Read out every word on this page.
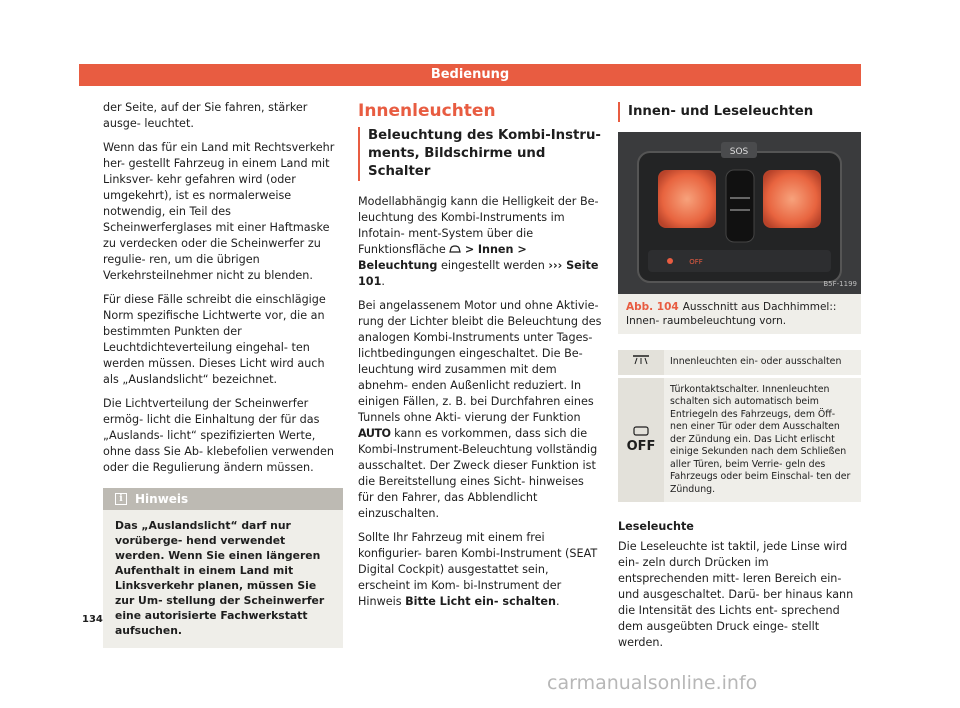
Bedienung

der Seite, auf der Sie fahren, stärker ausge- leuchtet.

Wenn das für ein Land mit Rechtsverkehr her- gestellt Fahrzeug in einem Land mit Linksver- kehr gefahren wird (oder umgekehrt), ist es normalerweise notwendig, ein Teil des Scheinwerferglases mit einer Haftmaske zu verdecken oder die Scheinwerfer zu regulie- ren, um die übrigen Verkehrsteilnehmer nicht zu blenden.

Für diese Fälle schreibt die einschlägige Norm spezifische Lichtwerte vor, die an bestimmten Punkten der Leuchtdichteverteilung eingehal- ten werden müssen. Dieses Licht wird auch als „Auslandslicht“ bezeichnet.

Die Lichtverteilung der Scheinwerfer ermög- licht die Einhaltung der für das „Auslands- licht“ spezifizierten Werte, ohne dass Sie Ab- klebefolien verwenden oder die Regulierung ändern müssen.

i	Hinweis
Das „Auslandslicht“ darf nur vorüberge- hend verwendet werden. Wenn Sie einen längeren Aufenthalt in einem Land mit Linksverkehr planen, müssen Sie zur Um- stellung der Scheinwerfer eine autorisierte Fachwerkstatt aufsuchen.
Innenleuchten
Beleuchtung des Kombi-Instru- ments, Bildschirme und Schalter

Modellabhängig kann die Helligkeit der Be- leuchtung des Kombi-Instruments im Infotain- ment-System über die Funktionsfläche > Innen > Beleuchtung eingestellt werden ››› Seite 101.

Bei angelassenem Motor und ohne Aktivie- rung der Lichter bleibt die Beleuchtung des analogen Kombi-Instruments unter Tages- lichtbedingungen eingeschaltet. Die Be- leuchtung wird zusammen mit dem abnehm- enden Außenlicht reduziert. In einigen Fällen, z. B. bei Durchfahren eines Tunnels ohne Akti- vierung der Funktion AUTO kann es vorkommen, dass sich die Kombi-Instrument-Beleuchtung vollständig ausschaltet. Der Zweck dieser Funktion ist die Bereitstellung eines Sicht- hinweises für den Fahrer, das Abblendlicht einzuschalten.

Sollte Ihr Fahrzeug mit einem frei konfigurier- baren Kombi-Instrument (SEAT Digital Cockpit) ausgestattet sein, erscheint im Kom- bi-Instrument der Hinweis Bitte Licht ein- schalten.

Innen- und Leseleuchten
SOS
OFF
B5F-1199
Abb. 104 Ausschnitt aus Dachhimmel:: Innen- raumbeleuchtung vorn.
	Innenleuchten ein- oder ausschalten

OFF	Türkontaktschalter. Innenleuchten schalten sich automatisch beim Entriegeln des Fahrzeugs, dem Öff- nen einer Tür oder dem Ausschalten der Zündung ein. Das Licht erlischt einige Sekunden nach dem Schließen aller Türen, beim Verrie- geln des Fahrzeugs oder beim Einschal- ten der Zündung.
Leseleuchte

Die Leseleuchte ist taktil, jede Linse wird ein- zeln durch Drücken im entsprechenden mitt- leren Bereich ein- und ausgeschaltet. Darü- ber hinaus kann die Intensität des Lichts ent- sprechend dem ausgeübten Druck einge- stellt werden.

134
carmanualsonline.info
